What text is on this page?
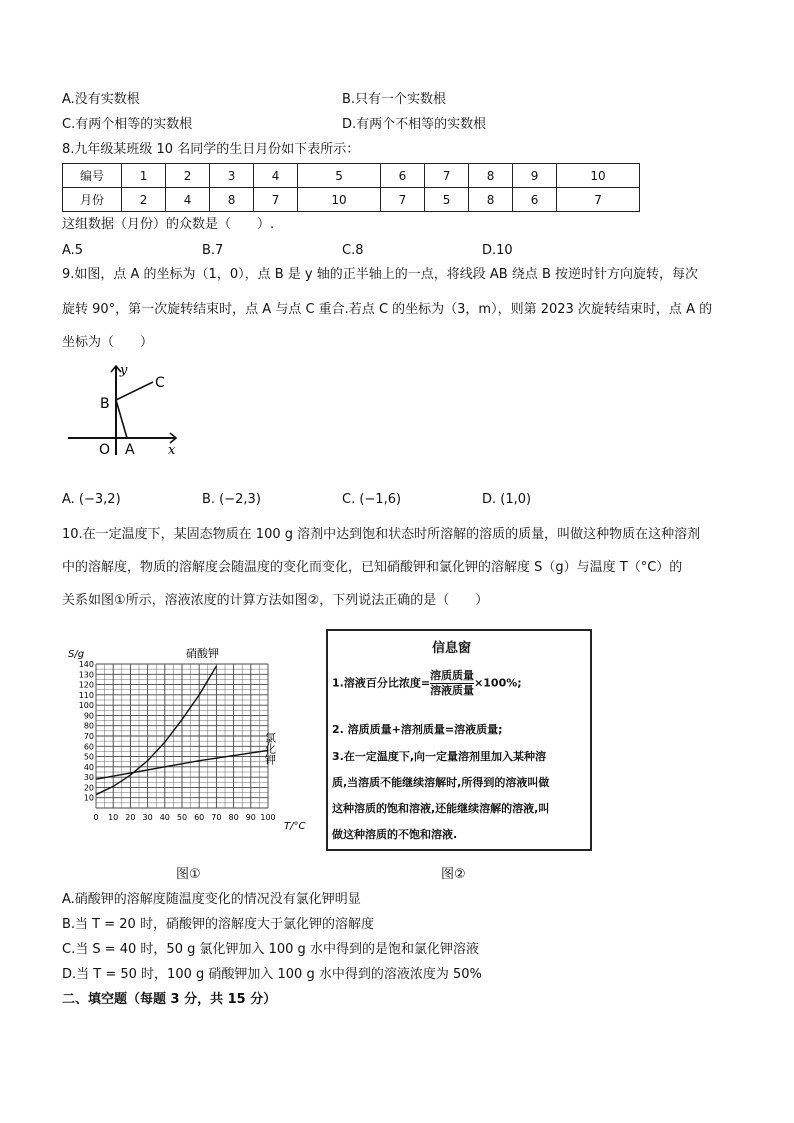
A.没有实数根	B.只有一个实数根
C.有两个相等的实数根	D.有两个不相等的实数根
8.九年级某班级 10 名同学的生日月份如下表所示：
编号	1	2	3	4	5	6	7	8	9	10
月份	2	4	8	7	10	7	5	8	6	7
这组数据（月份）的众数是（　　）.
A.5	B.7	C.8	D.10
9.如图，点 A 的坐标为（1，0），点 B 是 y 轴的正半轴上的一点，将线段 AB 绕点 B 按逆时针方向旋转，每次
旋转 90°，第一次旋转结束时，点 A 与点 C 重合.若点 C 的坐标为（3，m），则第 2023 次旋转结束时，点 A 的
坐标为（　　）
y
x
B
C
O A
A. (−3,2)	B. (−2,3)	C. (−1,6)	D. (1,0)
10.在一定温度下，某固态物质在 100 g 溶剂中达到饱和状态时所溶解的溶质的质量，叫做这种物质在这种溶剂
中的溶解度，物质的溶解度会随温度的变化而变化，已知硝酸钾和氯化钾的溶解度 S（g）与温度 T（°C）的
关系如图①所示，溶液浓度的计算方法如图②，下列说法正确的是（　　）
10
20
30
40
50
60
70
80
90
100
110
120
130
140
0 10 20 30 40 50 60 70 80 90 100
S/g
T/°C
硝酸钾
氯化钾
图①
信息窗
1.溶液百分比浓度= $\frac{\text{溶质质量}}{\text{溶液质量}} \times 100\%$;
2. 溶质质量+溶剂质量=溶液质量;
3.在一定温度下,向一定量溶剂里加入某种溶
质,当溶质不能继续溶解时,所得到的溶液叫做
这种溶质的饱和溶液,还能继续溶解的溶液,叫
做这种溶质的不饱和溶液.
图②
A.硝酸钾的溶解度随温度变化的情况没有氯化钾明显
B.当 T = 20 时，硝酸钾的溶解度大于氯化钾的溶解度
C.当 S = 40 时，50 g 氯化钾加入 100 g 水中得到的是饱和氯化钾溶液
D.当 T = 50 时，100 g 硝酸钾加入 100 g 水中得到的溶液浓度为 50%
二、填空题（每题 3 分，共 15 分）
